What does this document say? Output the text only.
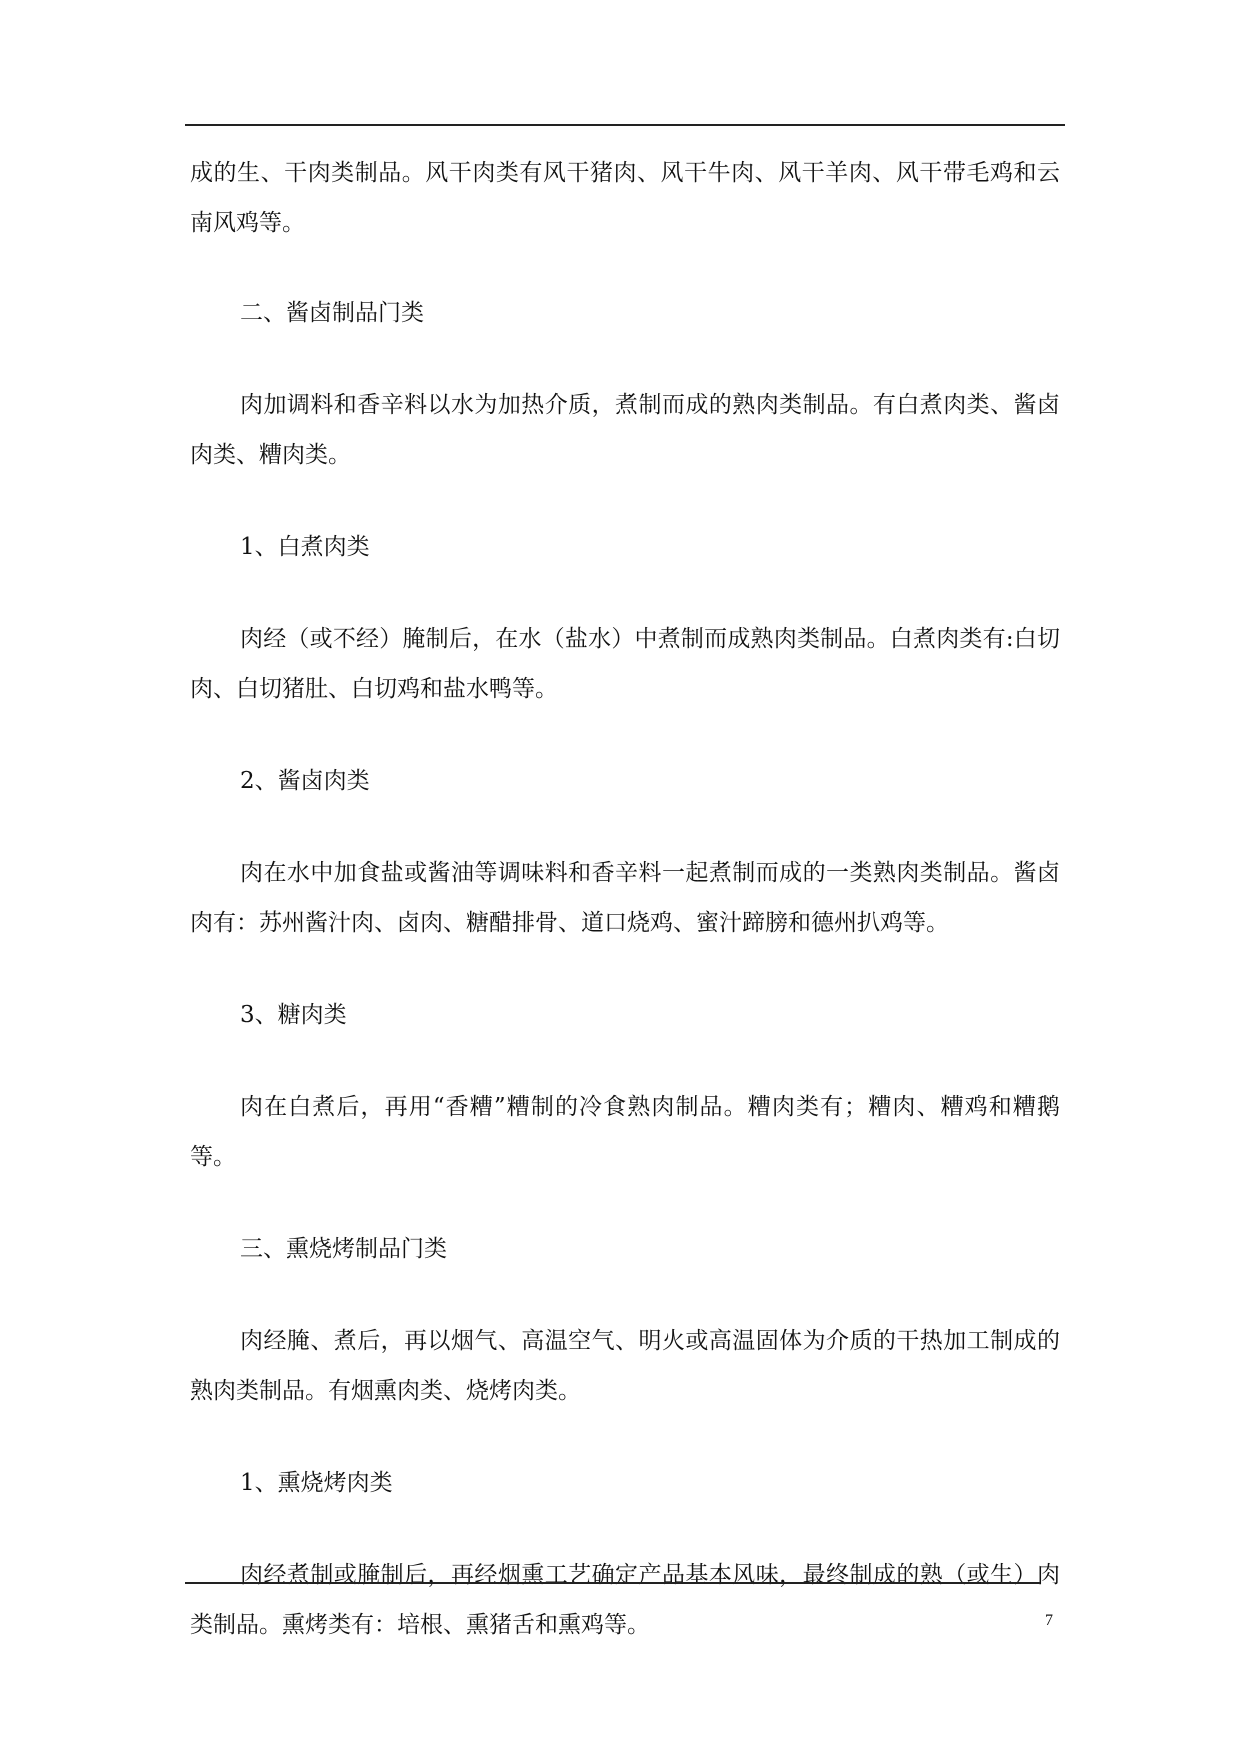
成的生、干肉类制品。风干肉类有风干猪肉、风干牛肉、风干羊肉、风干带毛鸡和云南风鸡等。

二、酱卤制品门类

肉加调料和香辛料以水为加热介质，煮制而成的熟肉类制品。有白煮肉类、酱卤肉类、糟肉类。

1、白煮肉类

肉经（或不经）腌制后，在水（盐水）中煮制而成熟肉类制品。白煮肉类有:白切肉、白切猪肚、白切鸡和盐水鸭等。

2、酱卤肉类

肉在水中加食盐或酱油等调味料和香辛料一起煮制而成的一类熟肉类制品。酱卤肉有：苏州酱汁肉、卤肉、糖醋排骨、道口烧鸡、蜜汁蹄膀和德州扒鸡等。

3、糖肉类

肉在白煮后，再用“香糟”糟制的冷食熟肉制品。糟肉类有；糟肉、糟鸡和糟鹅等。

三、熏烧烤制品门类

肉经腌、煮后，再以烟气、高温空气、明火或高温固体为介质的干热加工制成的熟肉类制品。有烟熏肉类、烧烤肉类。

1、熏烧烤肉类

肉经煮制或腌制后，再经烟熏工艺确定产品基本风味，最终制成的熟（或生）肉类制品。熏烤类有：培根、熏猪舌和熏鸡等。	7
